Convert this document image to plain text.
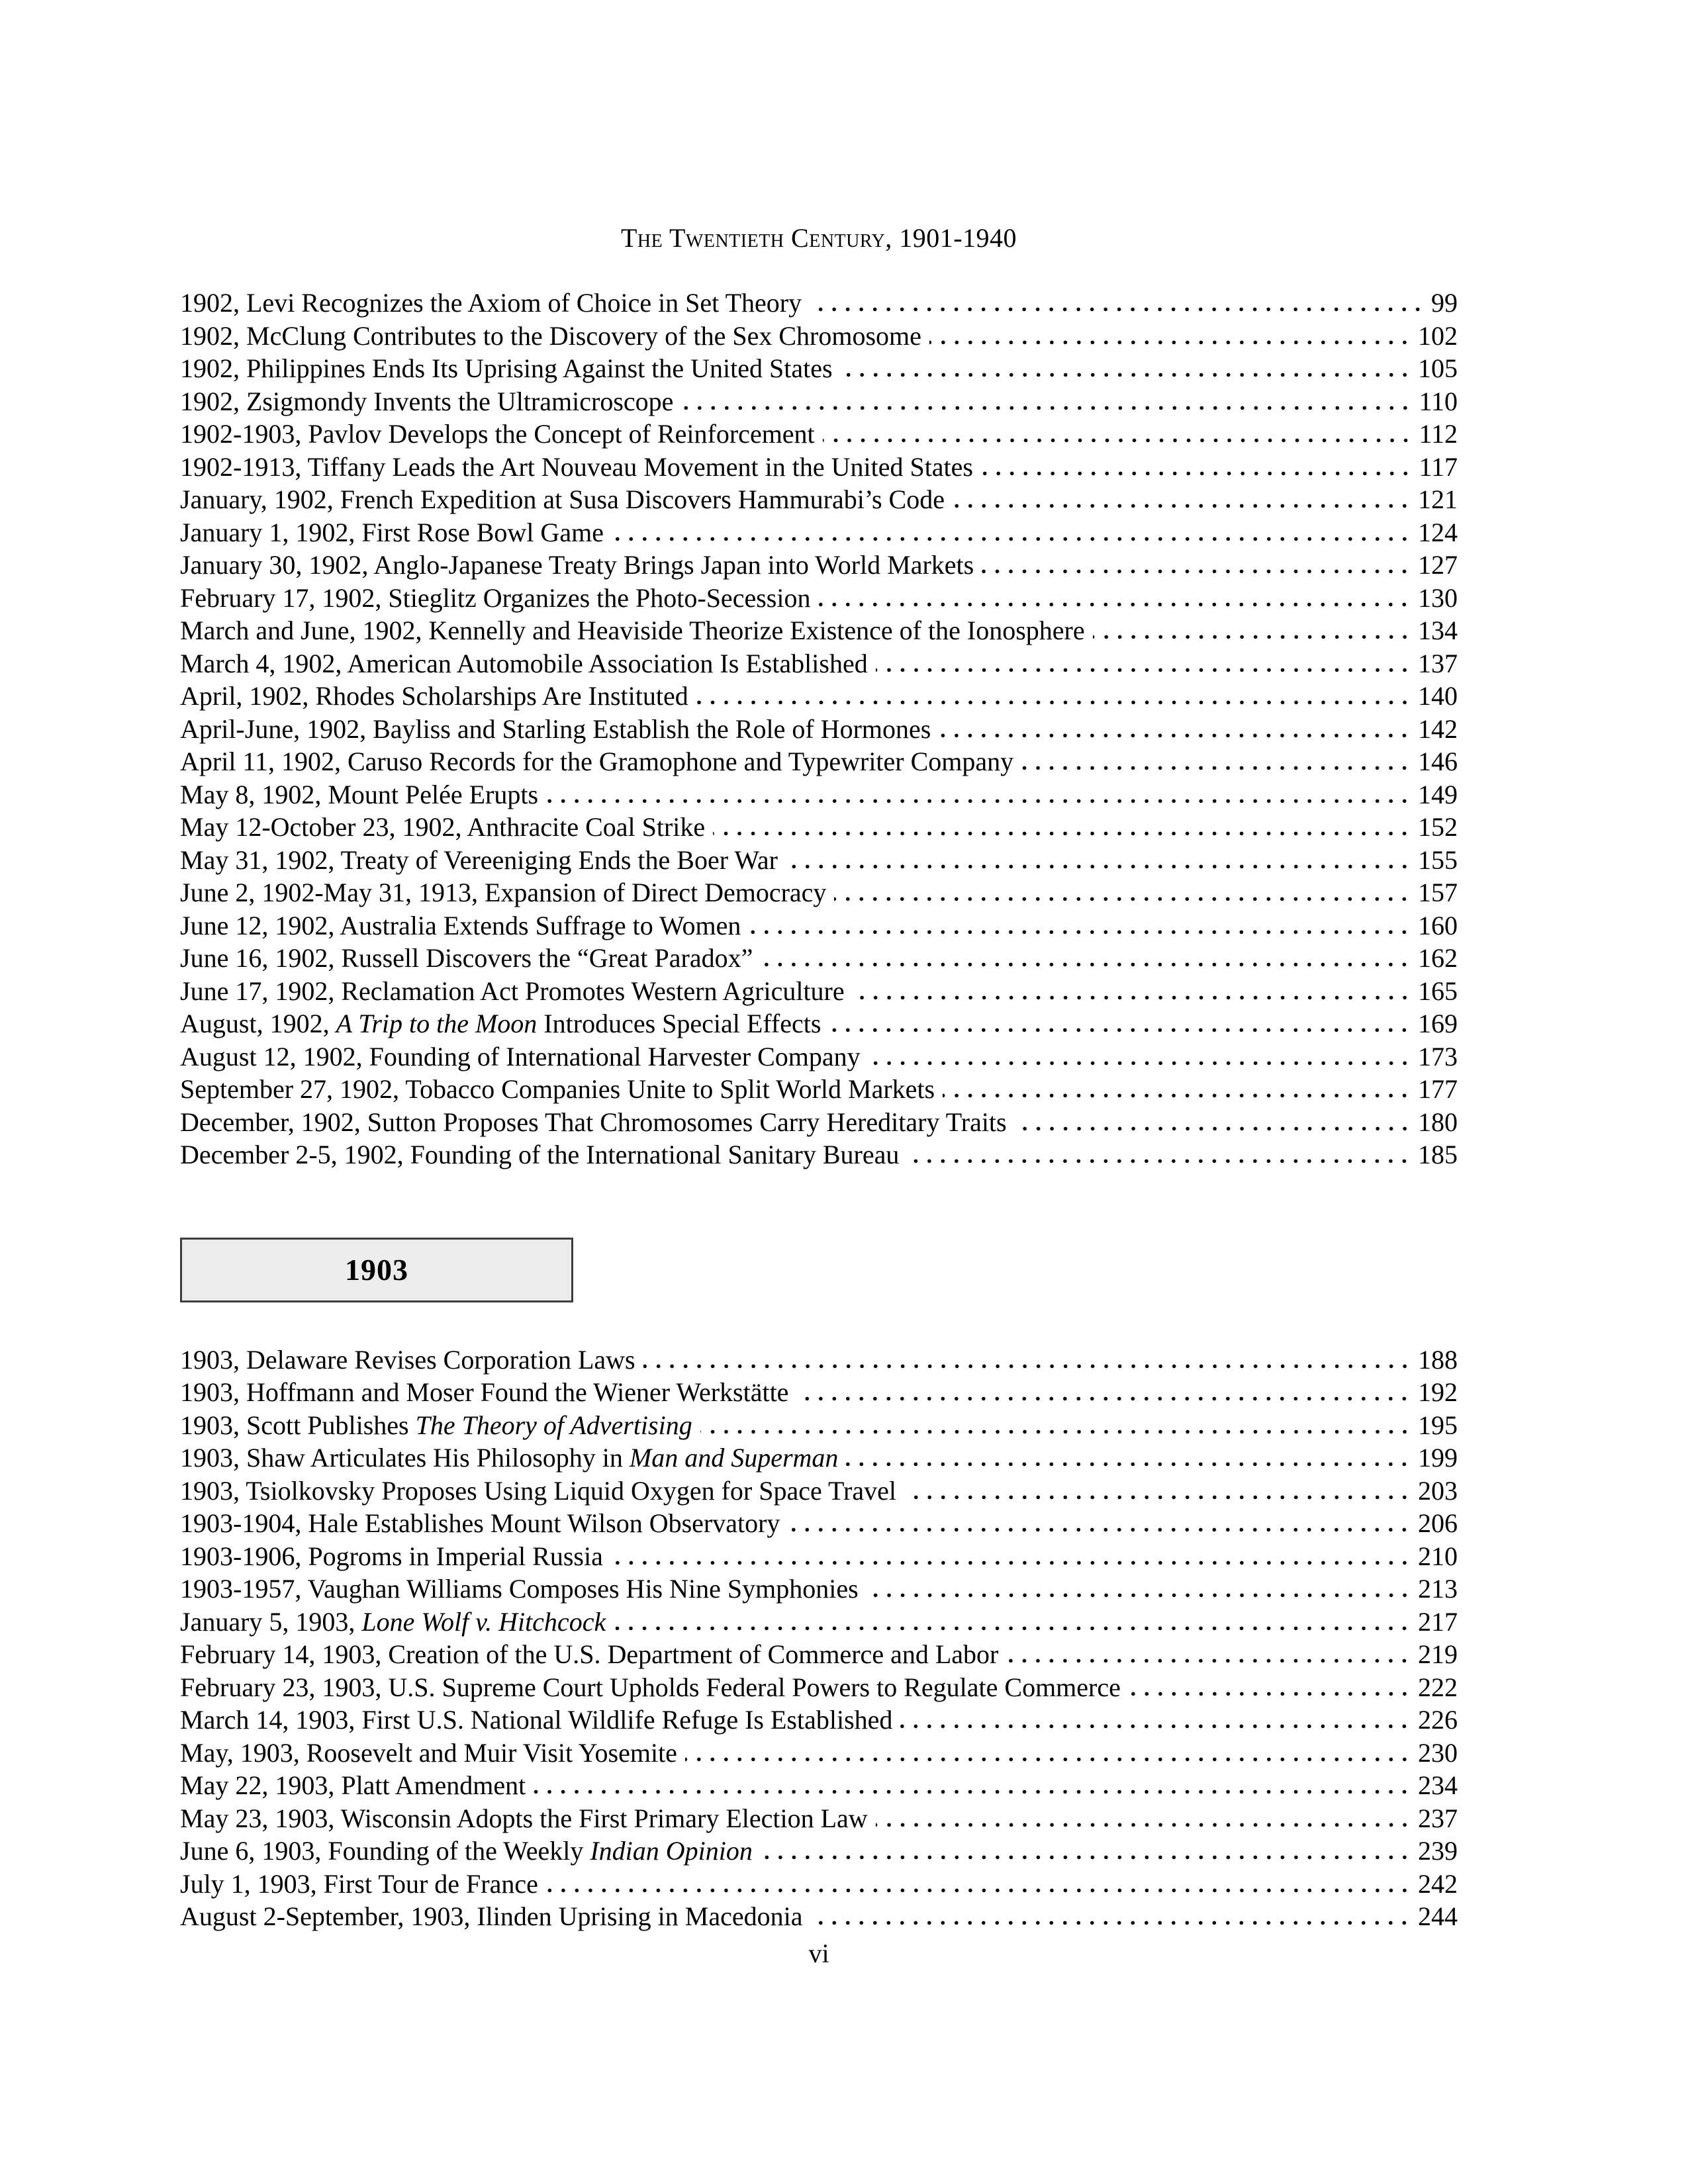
The Twentieth Century, 1901-1940
1902, Levi Recognizes the Axiom of Choice in Set Theory	99
1902, McClung Contributes to the Discovery of the Sex Chromosome	102
1902, Philippines Ends Its Uprising Against the United States	105
1902, Zsigmondy Invents the Ultramicroscope	110
1902-1903, Pavlov Develops the Concept of Reinforcement	112
1902-1913, Tiffany Leads the Art Nouveau Movement in the United States	117
January, 1902, French Expedition at Susa Discovers Hammurabi’s Code	121
January 1, 1902, First Rose Bowl Game	124
January 30, 1902, Anglo-Japanese Treaty Brings Japan into World Markets	127
February 17, 1902, Stieglitz Organizes the Photo-Secession	130
March and June, 1902, Kennelly and Heaviside Theorize Existence of the Ionosphere	134
March 4, 1902, American Automobile Association Is Established	137
April, 1902, Rhodes Scholarships Are Instituted	140
April-June, 1902, Bayliss and Starling Establish the Role of Hormones	142
April 11, 1902, Caruso Records for the Gramophone and Typewriter Company	146
May 8, 1902, Mount Pelée Erupts	149
May 12-October 23, 1902, Anthracite Coal Strike	152
May 31, 1902, Treaty of Vereeniging Ends the Boer War	155
June 2, 1902-May 31, 1913, Expansion of Direct Democracy	157
June 12, 1902, Australia Extends Suffrage to Women	160
June 16, 1902, Russell Discovers the “Great Paradox”	162
June 17, 1902, Reclamation Act Promotes Western Agriculture	165
August, 1902, A Trip to the Moon Introduces Special Effects	169
August 12, 1902, Founding of International Harvester Company	173
September 27, 1902, Tobacco Companies Unite to Split World Markets	177
December, 1902, Sutton Proposes That Chromosomes Carry Hereditary Traits	180
December 2-5, 1902, Founding of the International Sanitary Bureau	185
1903
1903, Delaware Revises Corporation Laws	188
1903, Hoffmann and Moser Found the Wiener Werkstätte	192
1903, Scott Publishes The Theory of Advertising	195
1903, Shaw Articulates His Philosophy in Man and Superman	199
1903, Tsiolkovsky Proposes Using Liquid Oxygen for Space Travel	203
1903-1904, Hale Establishes Mount Wilson Observatory	206
1903-1906, Pogroms in Imperial Russia	210
1903-1957, Vaughan Williams Composes His Nine Symphonies	213
January 5, 1903, Lone Wolf v. Hitchcock	217
February 14, 1903, Creation of the U.S. Department of Commerce and Labor	219
February 23, 1903, U.S. Supreme Court Upholds Federal Powers to Regulate Commerce	222
March 14, 1903, First U.S. National Wildlife Refuge Is Established	226
May, 1903, Roosevelt and Muir Visit Yosemite	230
May 22, 1903, Platt Amendment	234
May 23, 1903, Wisconsin Adopts the First Primary Election Law	237
June 6, 1903, Founding of the Weekly Indian Opinion	239
July 1, 1903, First Tour de France	242
August 2-September, 1903, Ilinden Uprising in Macedonia	244
vi
